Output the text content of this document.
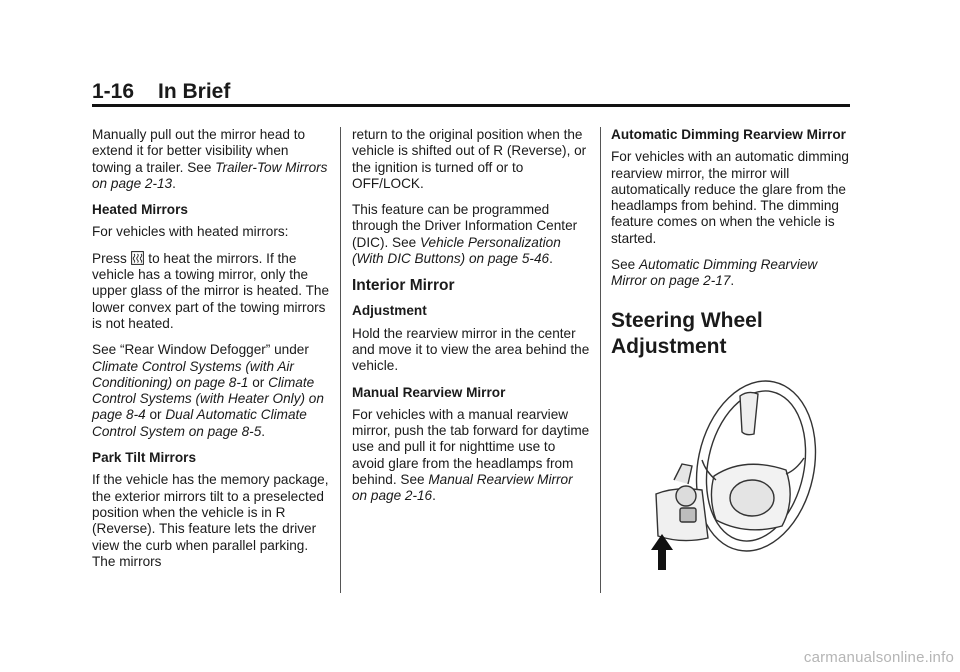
1-16 In Brief

Manually pull out the mirror head to extend it for better visibility when towing a trailer. See Trailer-Tow Mirrors on page 2-13.

Heated Mirrors

For vehicles with heated mirrors:

Press  to heat the mirrors. If the vehicle has a towing mirror, only the upper glass of the mirror is heated. The lower convex part of the towing mirrors is not heated.

See “Rear Window Defogger” under Climate Control Systems (with Air Conditioning) on page 8-1 or Climate Control Systems (with Heater Only) on page 8-4 or Dual Automatic Climate Control System on page 8-5.

Park Tilt Mirrors

If the vehicle has the memory package, the exterior mirrors tilt to a preselected position when the vehicle is in R (Reverse). This feature lets the driver view the curb when parallel parking. The mirrors

return to the original position when the vehicle is shifted out of R (Reverse), or the ignition is turned off or to OFF/LOCK.

This feature can be programmed through the Driver Information Center (DIC). See Vehicle Personalization (With DIC Buttons) on page 5-46.

Interior Mirror

Adjustment

Hold the rearview mirror in the center and move it to view the area behind the vehicle.

Manual Rearview Mirror

For vehicles with a manual rearview mirror, push the tab forward for daytime use and pull it for nighttime use to avoid glare from the headlamps from behind. See Manual Rearview Mirror on page 2-16.

Automatic Dimming Rearview Mirror

For vehicles with an automatic dimming rearview mirror, the mirror will automatically reduce the glare from the headlamps from behind. The dimming feature comes on when the vehicle is started.

See Automatic Dimming Rearview Mirror on page 2-17.

Steering Wheel Adjustment
carmanualsonline.info
